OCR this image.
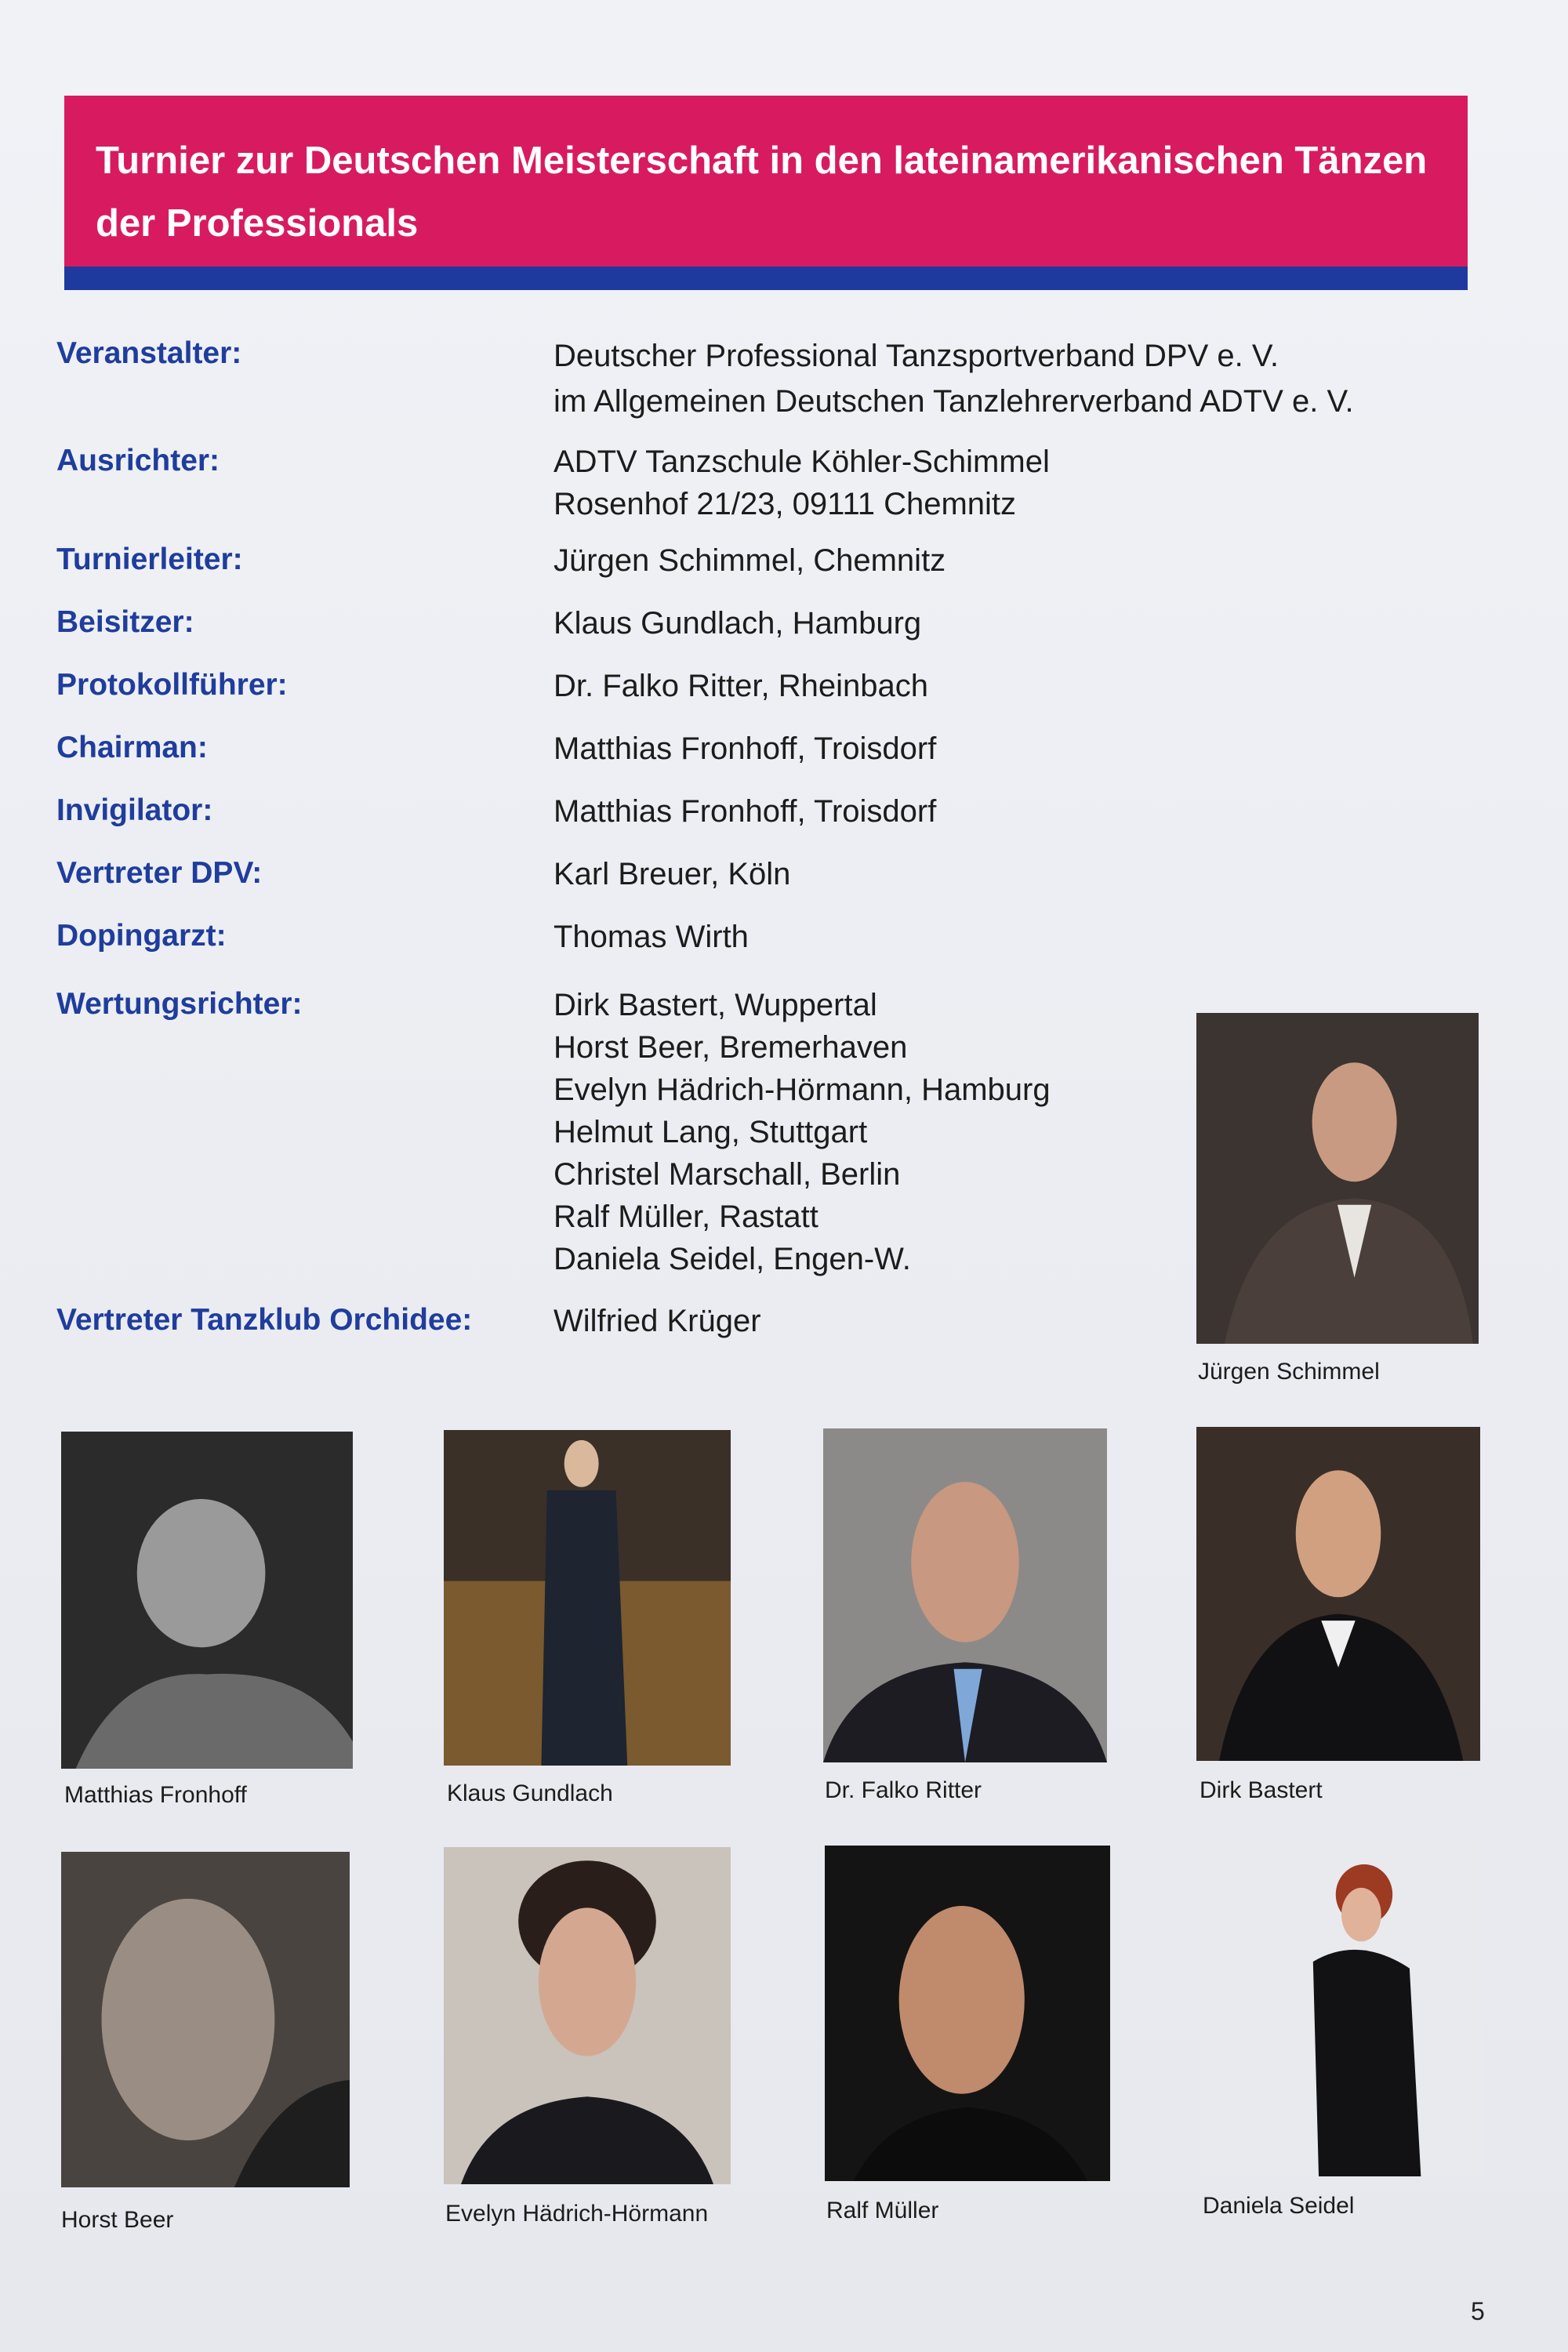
Turnier zur Deutschen Meisterschaft in den lateinamerikanischen Tänzen der Professionals
Veranstalter:	Deutscher Professional Tanzsportverband DPV e. V.
im Allgemeinen Deutschen Tanzlehrerverband ADTV e. V.
Ausrichter:	ADTV Tanzschule Köhler-Schimmel
Rosenhof 21/23, 09111 Chemnitz
Turnierleiter:	Jürgen Schimmel, Chemnitz
Beisitzer:	Klaus Gundlach, Hamburg
Protokollführer:	Dr. Falko Ritter, Rheinbach
Chairman:	Matthias Fronhoff, Troisdorf
Invigilator:	Matthias Fronhoff, Troisdorf
Vertreter DPV:	Karl Breuer, Köln
Dopingarzt:	Thomas Wirth
Wertungsrichter:	Dirk Bastert, Wuppertal
Horst Beer, Bremerhaven
Evelyn Hädrich-Hörmann, Hamburg
Helmut Lang, Stuttgart
Christel Marschall, Berlin
Ralf Müller, Rastatt
Daniela Seidel, Engen-W.
Vertreter Tanzklub Orchidee:	Wilfried Krüger
Jürgen Schimmel
Matthias Fronhoff	Klaus Gundlach	Dr. Falko Ritter	Dirk Bastert
Horst Beer	Evelyn Hädrich-Hörmann	Ralf Müller	Daniela Seidel
5
